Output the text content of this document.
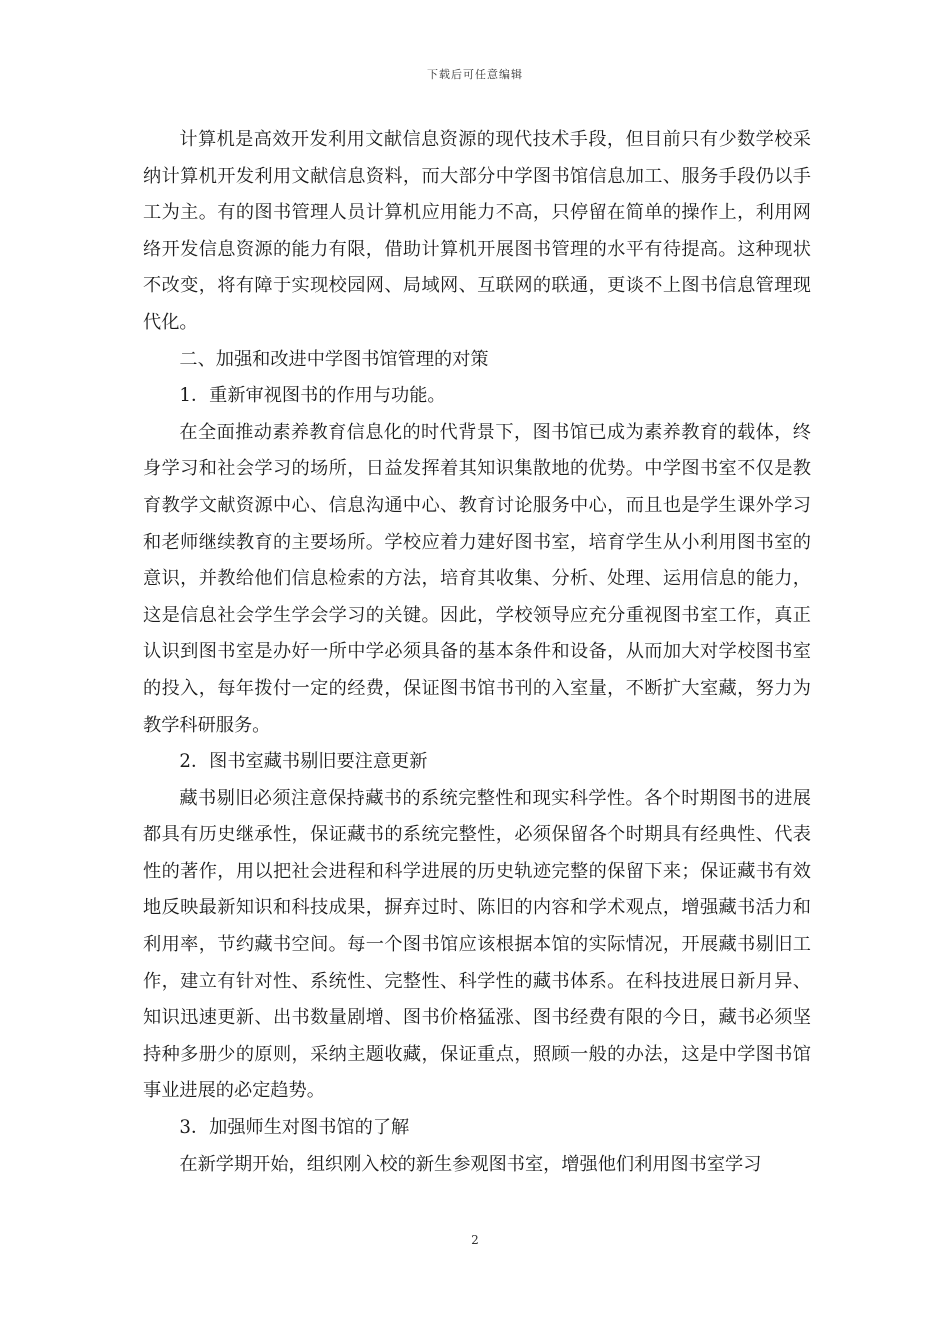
下载后可任意编辑

计算机是高效开发利用文献信息资源的现代技术手段，但目前只有少数学校采纳计算机开发利用文献信息资料，而大部分中学图书馆信息加工、服务手段仍以手工为主。有的图书管理人员计算机应用能力不高，只停留在简单的操作上，利用网络开发信息资源的能力有限，借助计算机开展图书管理的水平有待提高。这种现状不改变，将有障于实现校园网、局域网、互联网的联通，更谈不上图书信息管理现代化。

二、加强和改进中学图书馆管理的对策

1．重新审视图书的作用与功能。

在全面推动素养教育信息化的时代背景下，图书馆已成为素养教育的载体，终身学习和社会学习的场所，日益发挥着其知识集散地的优势。中学图书室不仅是教育教学文献资源中心、信息沟通中心、教育讨论服务中心，而且也是学生课外学习和老师继续教育的主要场所。学校应着力建好图书室，培育学生从小利用图书室的意识，并教给他们信息检索的方法，培育其收集、分析、处理、运用信息的能力，这是信息社会学生学会学习的关键。因此，学校领导应充分重视图书室工作，真正认识到图书室是办好一所中学必须具备的基本条件和设备，从而加大对学校图书室的投入，每年拨付一定的经费，保证图书馆书刊的入室量，不断扩大室藏，努力为教学科研服务。

2．图书室藏书剔旧要注意更新

藏书剔旧必须注意保持藏书的系统完整性和现实科学性。各个时期图书的进展都具有历史继承性，保证藏书的系统完整性，必须保留各个时期具有经典性、代表性的著作，用以把社会进程和科学进展的历史轨迹完整的保留下来；保证藏书有效地反映最新知识和科技成果，摒弃过时、陈旧的内容和学术观点，增强藏书活力和利用率，节约藏书空间。每一个图书馆应该根据本馆的实际情况，开展藏书剔旧工作，建立有针对性、系统性、完整性、科学性的藏书体系。在科技进展日新月异、知识迅速更新、出书数量剧增、图书价格猛涨、图书经费有限的今日，藏书必须坚持种多册少的原则，采纳主题收藏，保证重点，照顾一般的办法，这是中学图书馆事业进展的必定趋势。

3．加强师生对图书馆的了解

在新学期开始，组织刚入校的新生参观图书室，增强他们利用图书室学习

2
